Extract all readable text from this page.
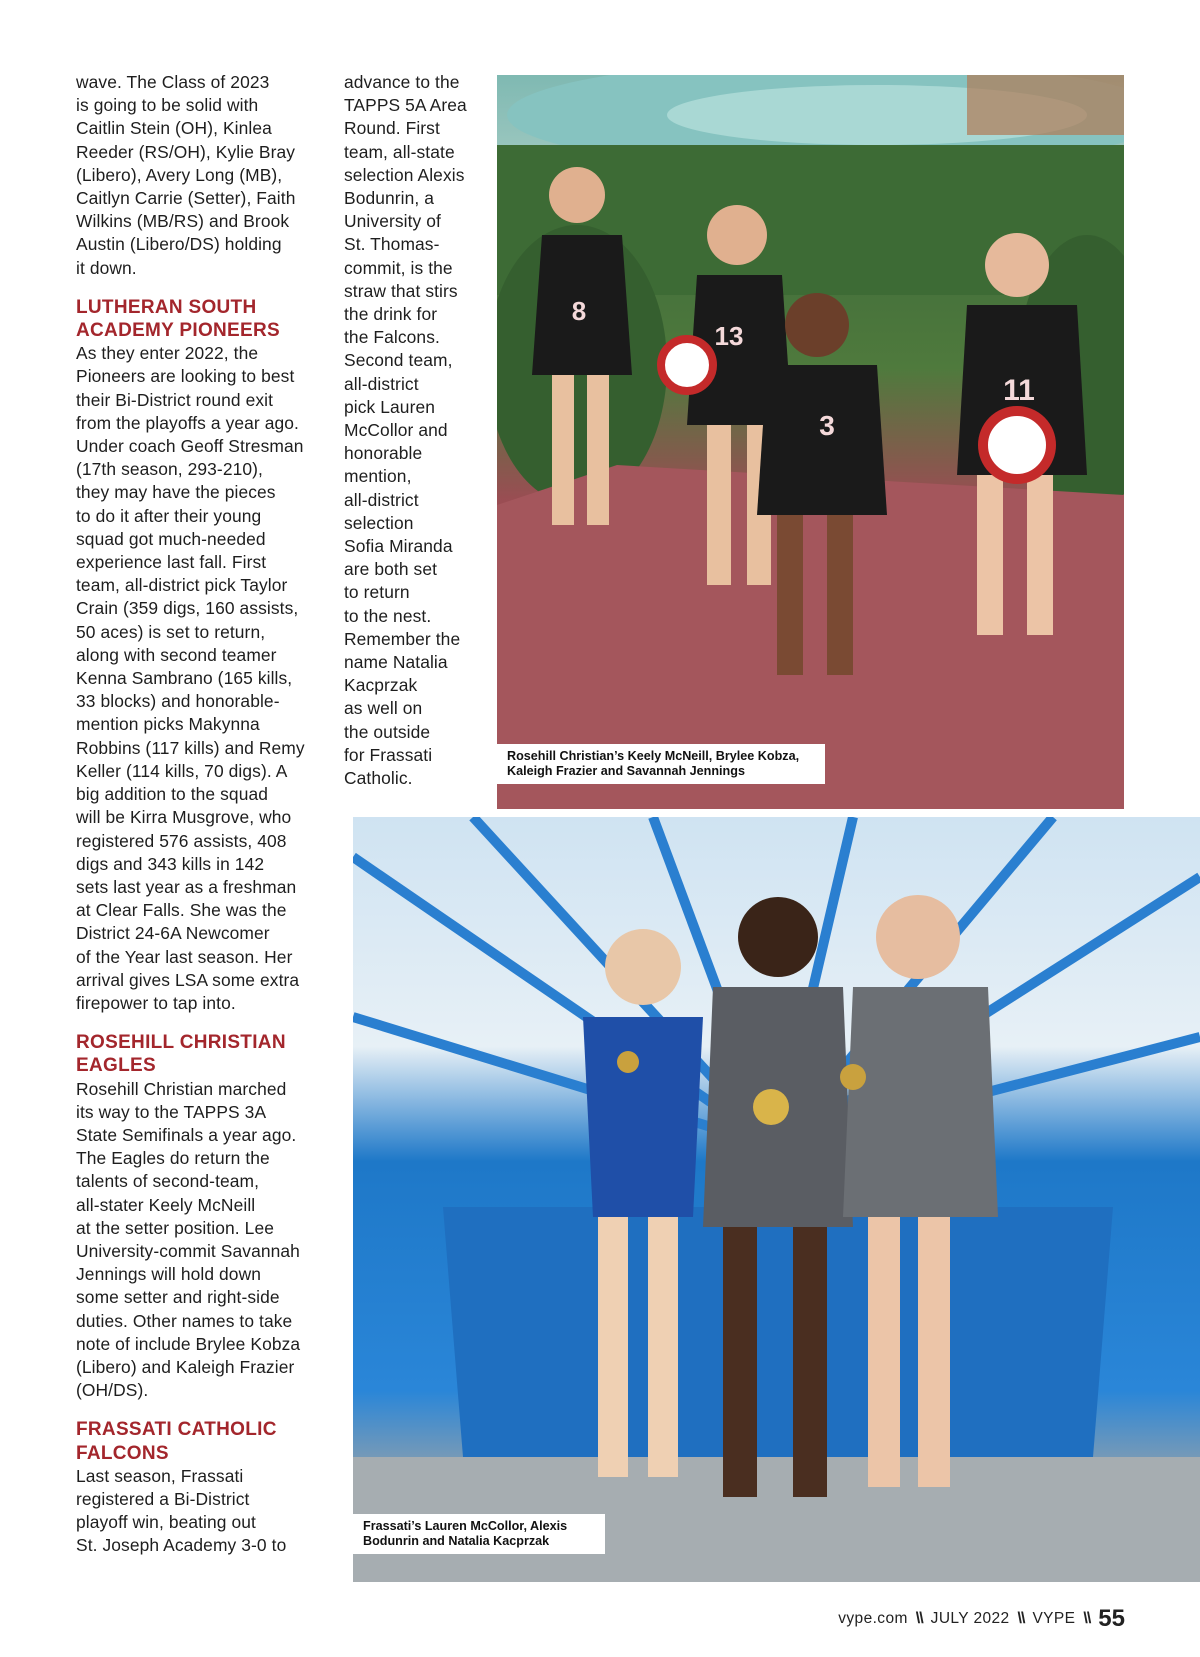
wave. The Class of 2023
is going to be solid with
Caitlin Stein (OH), Kinlea
Reeder (RS/OH), Kylie Bray
(Libero), Avery Long (MB),
Caitlyn Carrie (Setter), Faith
Wilkins (MB/RS) and Brook
Austin (Libero/DS) holding
it down.

LUTHERAN SOUTH
ACADEMY PIONEERS

As they enter 2022, the
Pioneers are looking to best
their Bi-District round exit
from the playoffs a year ago.
Under coach Geoff Stresman
(17th season, 293-210),
they may have the pieces
to do it after their young
squad got much-needed
experience last fall. First
team, all-district pick Taylor
Crain (359 digs, 160 assists,
50 aces) is set to return,
along with second teamer
Kenna Sambrano (165 kills,
33 blocks) and honorable-
mention picks Makynna
Robbins (117 kills) and Remy
Keller (114 kills, 70 digs). A
big addition to the squad
will be Kirra Musgrove, who
registered 576 assists, 408
digs and 343 kills in 142
sets last year as a freshman
at Clear Falls. She was the
District 24-6A Newcomer
of the Year last season. Her
arrival gives LSA some extra
firepower to tap into.

ROSEHILL CHRISTIAN
EAGLES

Rosehill Christian marched
its way to the TAPPS 3A
State Semifinals a year ago.
The Eagles do return the
talents of second-team,
all-stater Keely McNeill
at the setter position. Lee
University-commit Savannah
Jennings will hold down
some setter and right-side
duties. Other names to take
note of include Brylee Kobza
(Libero) and Kaleigh Frazier
(OH/DS).

FRASSATI CATHOLIC
FALCONS

Last season, Frassati
registered a Bi-District
playoff win, beating out
St. Joseph Academy 3-0 to

advance to the
TAPPS 5A Area
Round. First
team, all-state
selection Alexis
Bodunrin, a
University of
St. Thomas-
commit, is the
straw that stirs
the drink for
the Falcons.
Second team,
all-district
pick Lauren
McCollor and
honorable
mention,
all-district
selection
Sofia Miranda
are both set
to return
to the nest.
Remember the
name Natalia
Kacprzak
as well on
the outside
for Frassati
Catholic.

8
13
3
11
Rosehill Christian’s Keely McNeill, Brylee Kobza,
Kaleigh Frazier and Savannah Jennings
Frassati’s Lauren McCollor, Alexis
Bodunrin and Natalia Kacprzak
vype.com \\ JULY 2022 \\ VYPE \\ 55
